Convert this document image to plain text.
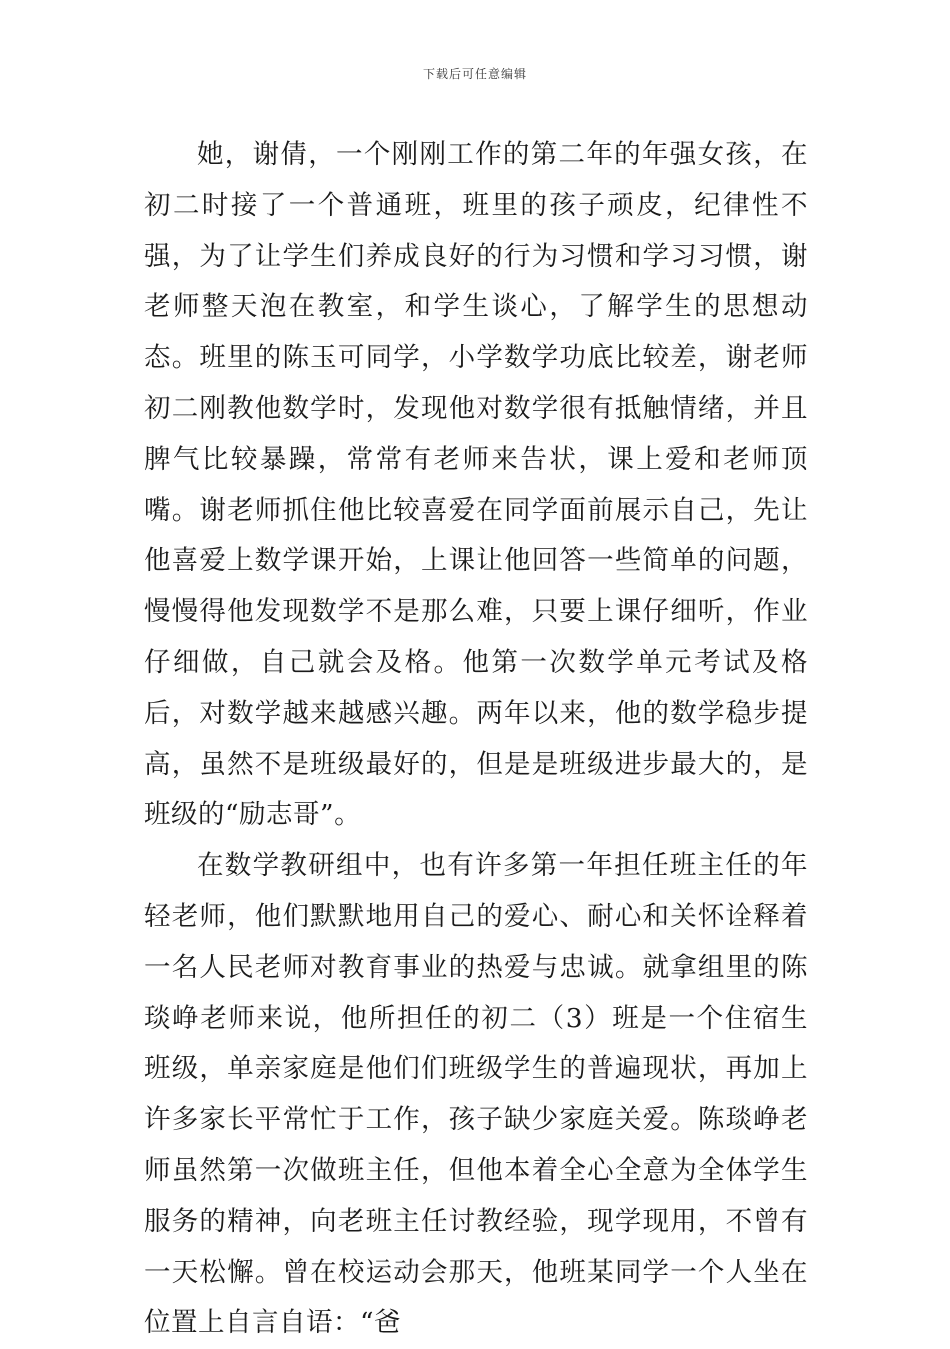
下载后可任意编辑

她，谢倩，一个刚刚工作的第二年的年强女孩，在初二时接了一个普通班，班里的孩子顽皮，纪律性不强，为了让学生们养成良好的行为习惯和学习习惯，谢老师整天泡在教室，和学生谈心，了解学生的思想动态。班里的陈玉可同学，小学数学功底比较差，谢老师初二刚教他数学时，发现他对数学很有抵触情绪，并且脾气比较暴躁，常常有老师来告状，课上爱和老师顶嘴。谢老师抓住他比较喜爱在同学面前展示自己，先让他喜爱上数学课开始，上课让他回答一些简单的问题，慢慢得他发现数学不是那么难，只要上课仔细听，作业仔细做，自己就会及格。他第一次数学单元考试及格后，对数学越来越感兴趣。两年以来，他的数学稳步提高，虽然不是班级最好的，但是是班级进步最大的，是班级的“励志哥”。

在数学教研组中，也有许多第一年担任班主任的年轻老师，他们默默地用自己的爱心、耐心和关怀诠释着一名人民老师对教育事业的热爱与忠诚。就拿组里的陈琰峥老师来说，他所担任的初二（3）班是一个住宿生班级，单亲家庭是他们们班级学生的普遍现状，再加上许多家长平常忙于工作，孩子缺少家庭关爱。陈琰峥老师虽然第一次做班主任，但他本着全心全意为全体学生服务的精神，向老班主任讨教经验，现学现用，不曾有一天松懈。曾在校运动会那天，他班某同学一个人坐在位置上自言自语：“爸
